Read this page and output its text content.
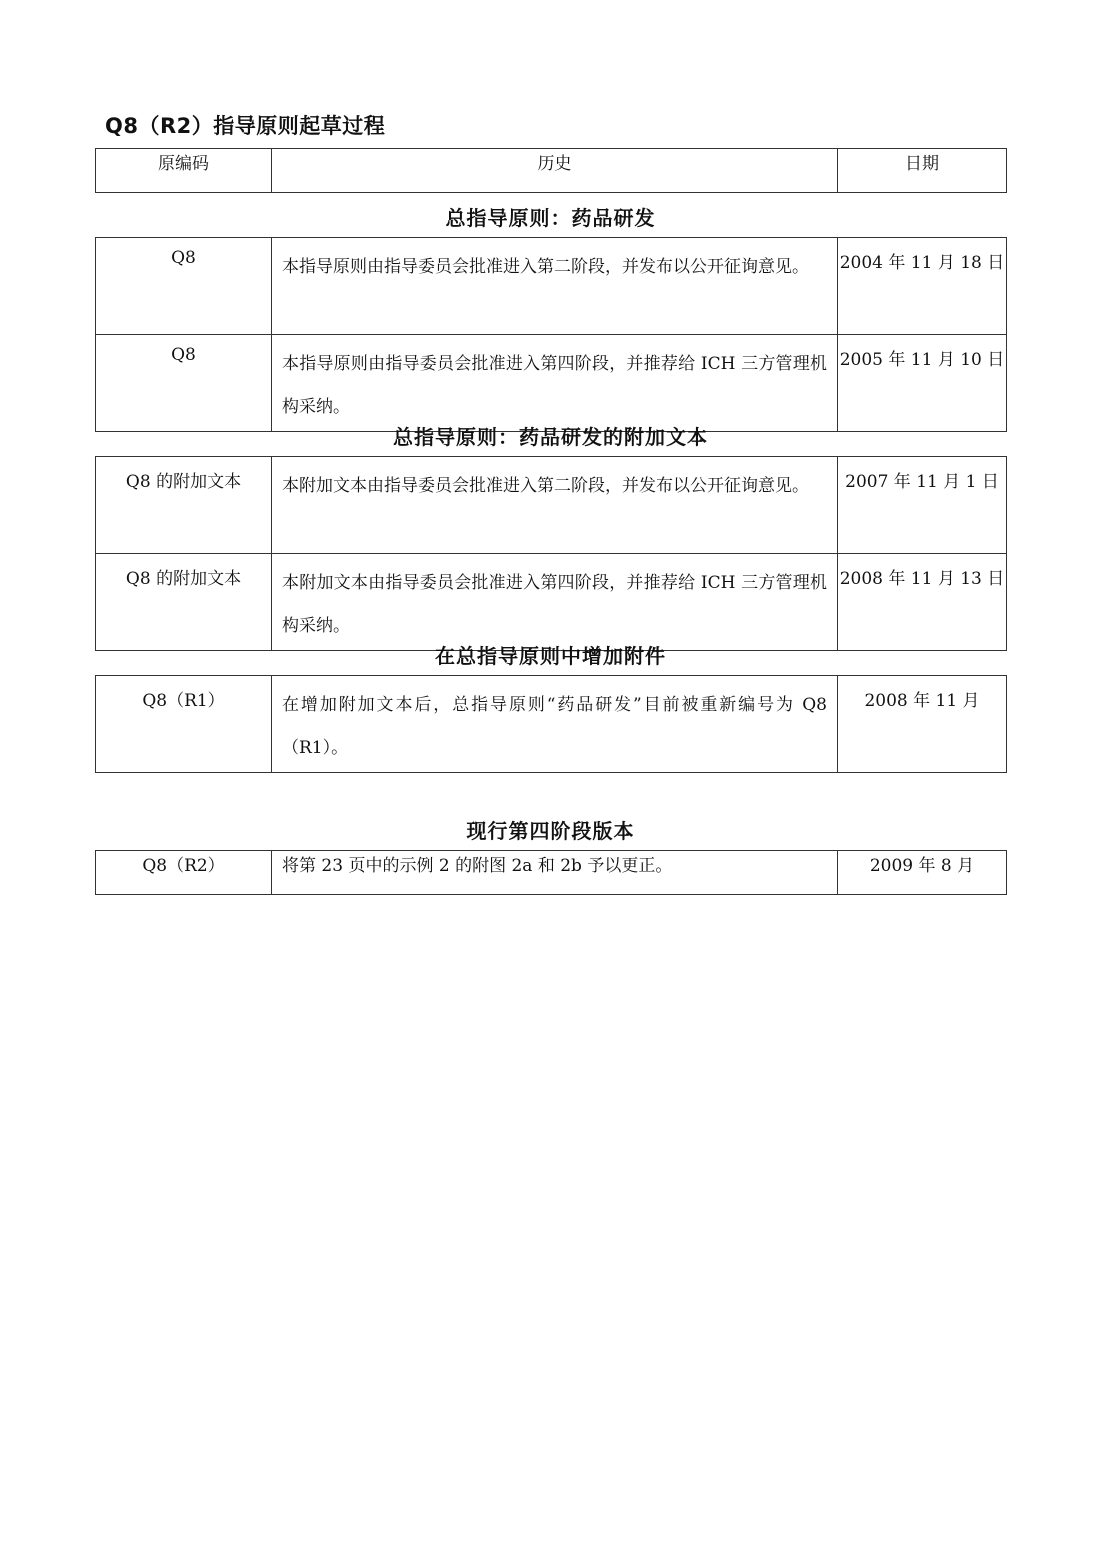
Q8（R2）指导原则起草过程
原编码	历史	日期
总指导原则：药品研发
Q8	本指导原则由指导委员会批准进入第二阶段，并发布以公开征询意见。	2004 年 11 月 18 日
Q8	本指导原则由指导委员会批准进入第四阶段，并推荐给 ICH 三方管理机构采纳。	2005 年 11 月 10 日
总指导原则：药品研发的附加文本
Q8 的附加文本	本附加文本由指导委员会批准进入第二阶段，并发布以公开征询意见。	2007 年 11 月 1 日
Q8 的附加文本	本附加文本由指导委员会批准进入第四阶段，并推荐给 ICH 三方管理机构采纳。	2008 年 11 月 13 日
在总指导原则中增加附件
Q8（R1）	在增加附加文本后，总指导原则“药品研发”目前被重新编号为 Q8（R1）。	2008 年 11 月
现行第四阶段版本
Q8（R2）	将第 23 页中的示例 2 的附图 2a 和 2b 予以更正。	2009 年 8 月
